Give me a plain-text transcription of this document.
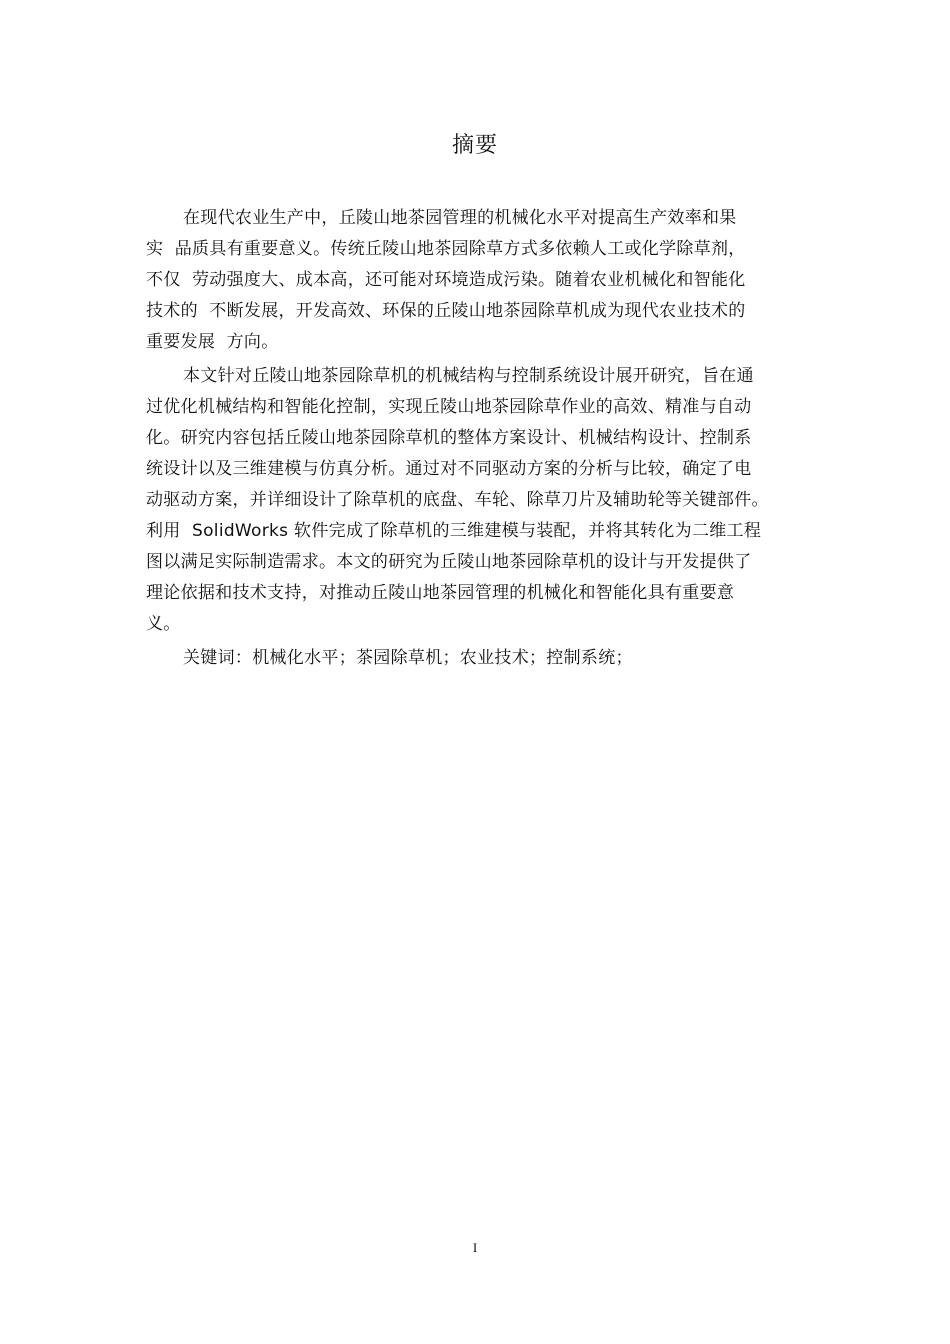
摘要
在现代农业生产中，丘陵山地茶园管理的机械化水平对提高生产效率和果
实  品质具有重要意义。传统丘陵山地茶园除草方式多依赖人工或化学除草剂，
不仅  劳动强度大、成本高，还可能对环境造成污染。随着农业机械化和智能化
技术的  不断发展，开发高效、环保的丘陵山地茶园除草机成为现代农业技术的
重要发展  方向。
本文针对丘陵山地茶园除草机的机械结构与控制系统设计展开研究，旨在通
过优化机械结构和智能化控制，实现丘陵山地茶园除草作业的高效、精准与自动
化。研究内容包括丘陵山地茶园除草机的整体方案设计、机械结构设计、控制系
统设计以及三维建模与仿真分析。通过对不同驱动方案的分析与比较，确定了电
动驱动方案，并详细设计了除草机的底盘、车轮、除草刀片及辅助轮等关键部件。
利用  SolidWorks 软件完成了除草机的三维建模与装配，并将其转化为二维工程
图以满足实际制造需求。本文的研究为丘陵山地茶园除草机的设计与开发提供了
理论依据和技术支持，对推动丘陵山地茶园管理的机械化和智能化具有重要意
义。
关键词：机械化水平；茶园除草机；农业技术；控制系统；
I
